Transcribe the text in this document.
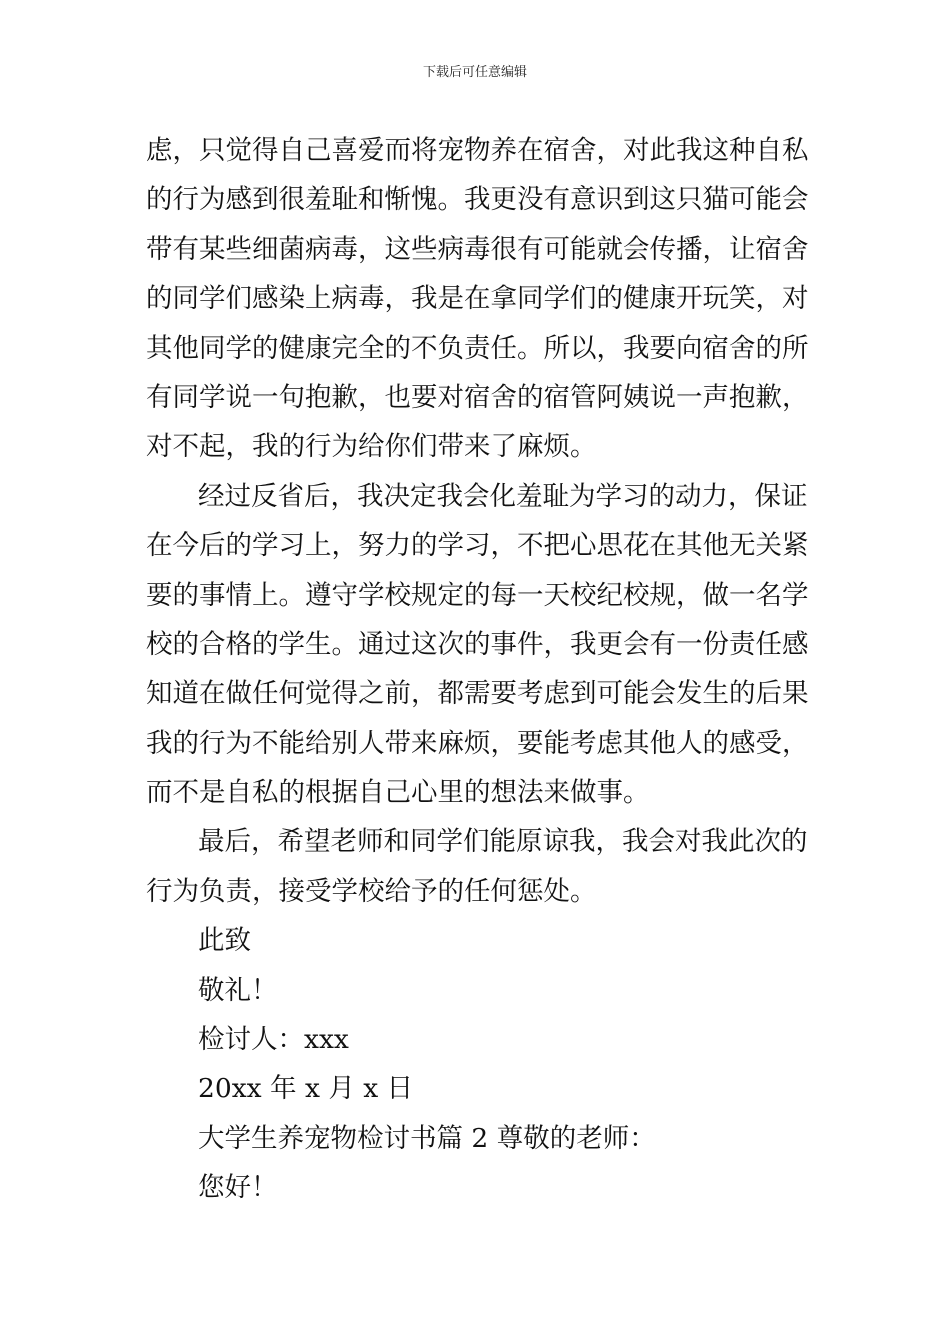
下载后可任意编辑
虑，只觉得自己喜爱而将宠物养在宿舍，对此我这种自私
的行为感到很羞耻和惭愧。我更没有意识到这只猫可能会
带有某些细菌病毒，这些病毒很有可能就会传播，让宿舍
的同学们感染上病毒，我是在拿同学们的健康开玩笑，对
其他同学的健康完全的不负责任。所以，我要向宿舍的所
有同学说一句抱歉，也要对宿舍的宿管阿姨说一声抱歉，
对不起，我的行为给你们带来了麻烦。
经过反省后，我决定我会化羞耻为学习的动力，保证
在今后的学习上，努力的学习，不把心思花在其他无关紧
要的事情上。遵守学校规定的每一天校纪校规，做一名学
校的合格的学生。通过这次的事件，我更会有一份责任感
知道在做任何觉得之前，都需要考虑到可能会发生的后果
我的行为不能给别人带来麻烦，要能考虑其他人的感受，
而不是自私的根据自己心里的想法来做事。
最后，希望老师和同学们能原谅我，我会对我此次的
行为负责，接受学校给予的任何惩处。
此致
敬礼！
检讨人：xxx
20xx 年 x 月 x 日
大学生养宠物检讨书篇 2 尊敬的老师：
您好！
